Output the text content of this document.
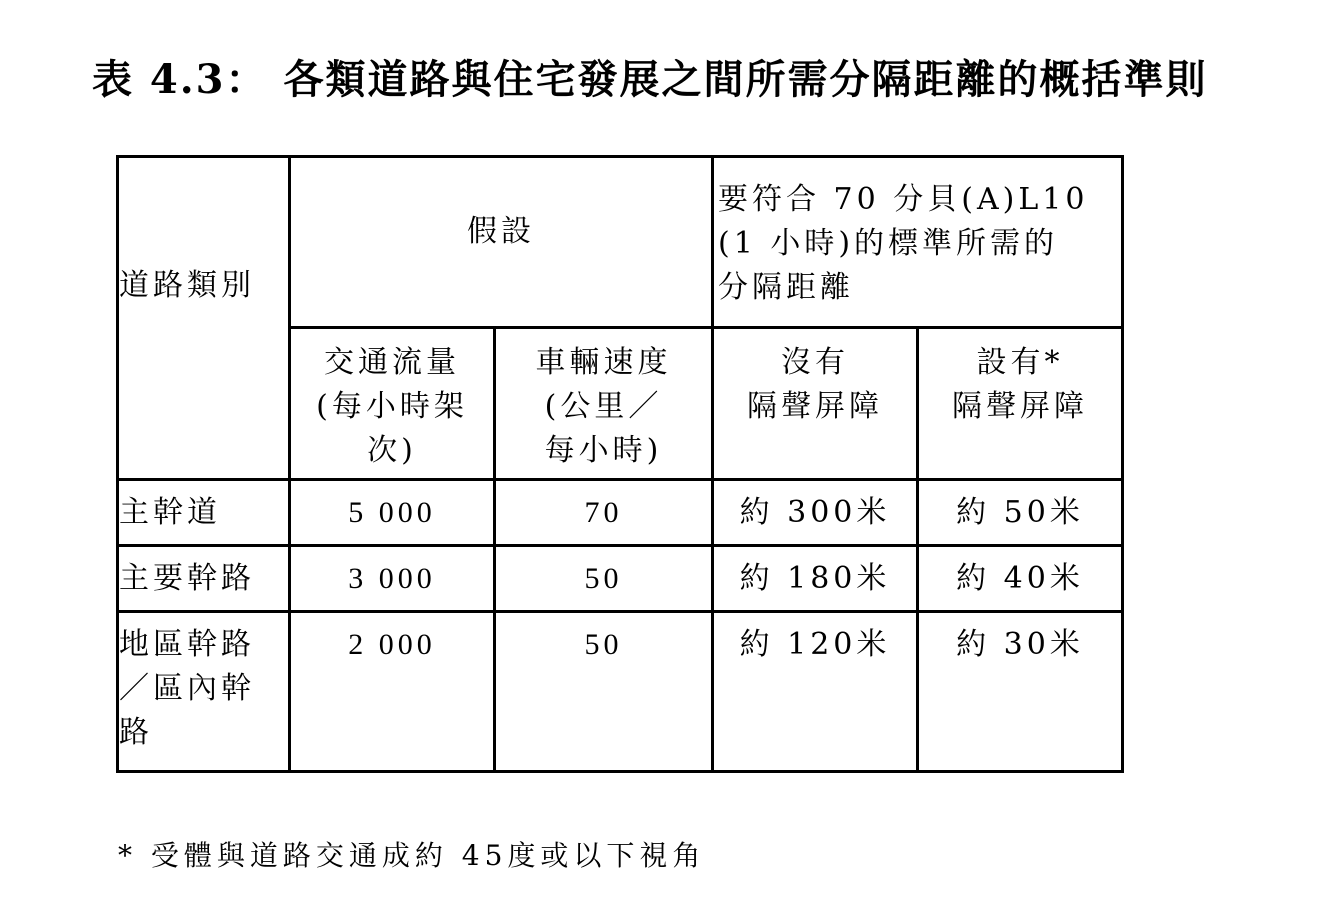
表 4.3： 各類道路與住宅發展之間所需分隔距離的概括準則
道路類別	假設		要符合 70 分貝(A)L10
(1 小時)的標準所需的
分隔距離	

	交通流量
(每小時架
次)	車輛速度
(公里／
每小時)	沒有
隔聲屏障	設有*
隔聲屏障

主幹道	5 000	70	約 300米	約 50米

主要幹路	3 000	50	約 180米	約 40米

地區幹路
／區內幹
路	2 000	50	約 120米	約 30米
* 受體與道路交通成約 45度或以下視角
